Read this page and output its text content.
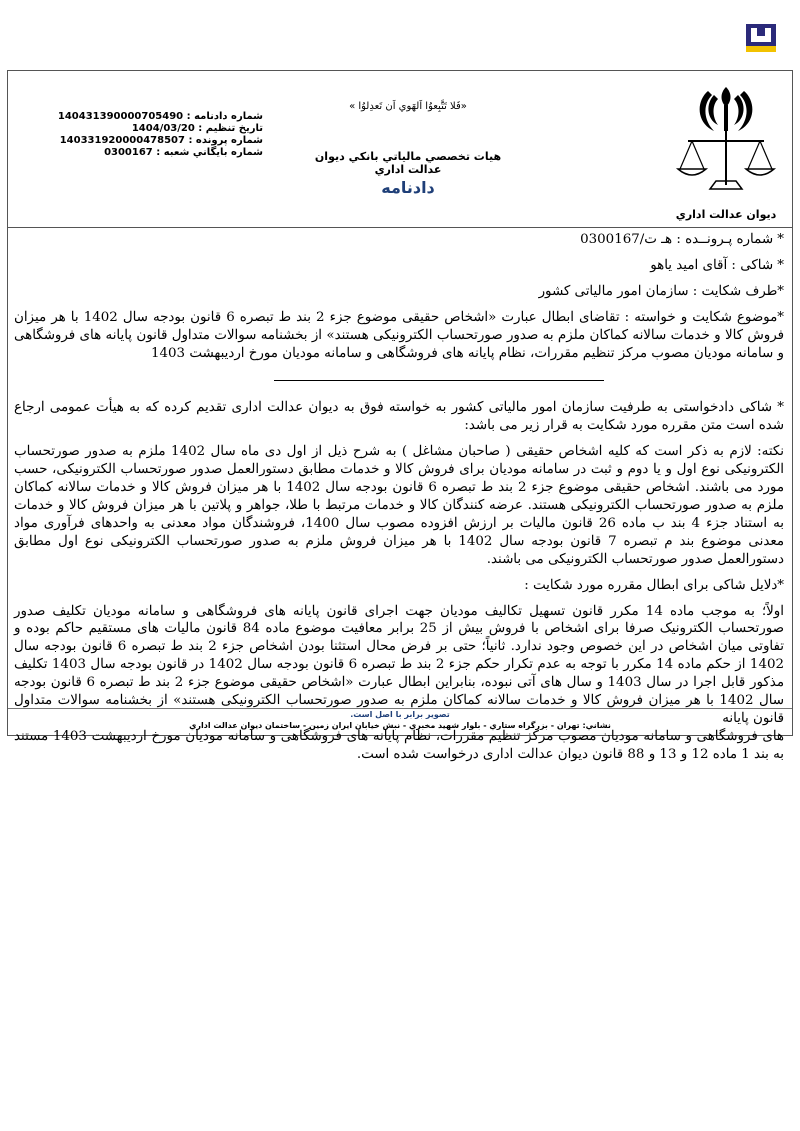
ديوان عدالت اداري
«فَلا تَتَّبِعوُا اَلهَوي اَن تَعدِلوُا »
هيات تخصصي مالياتي بانكي ديوان عدالت اداري
دادنامه
شماره دادنامه : 140431390000705490
تاريخ تنظيم : 1404/03/20
شماره پرونده : 140331920000478507
شماره بايگاني شعبه : 0300167

* شماره پـرونــده : هـ ت/0300167

* شاکی : آقای امید یاهو

*طرف شکایت : سازمان امور مالیاتی کشور

*موضوع شکایت و خواسته : تقاضای ابطال عبارت «اشخاص حقیقی موضوع جزء 2 بند ط تبصره 6 قانون بودجه سال 1402 با هر میزان فروش کالا و خدمات سالانه کماکان ملزم به صدور صورتحساب الکترونیکی هستند» از بخشنامه سوالات متداول قانون پایانه های فروشگاهی و سامانه مودیان مصوب مرکز تنظیم مقررات، نظام پایانه های فروشگاهی و سامانه مودیان مورخ اردیبهشت 1403

* شاکی دادخواستی به طرفیت سازمان امور مالیاتی کشور به خواسته فوق به دیوان عدالت اداری تقدیم کرده که به هیأت عمومی ارجاع شده است متن مقرره مورد شکایت به قرار زیر می باشد:

نکته: لازم به ذکر است که کلیه اشخاص حقیقی ( صاحبان مشاغل ) به شرح ذیل از اول دی ماه سال 1402 ملزم به صدور صورتحساب الکترونیکی نوع اول و یا دوم و ثبت در سامانه مودیان برای فروش کالا و خدمات مطابق دستورالعمل صدور صورتحساب الکترونیکی، حسب مورد می باشند. اشخاص حقیقی موضوع جزء 2 بند ط تبصره 6 قانون بودجه سال 1402 با هر میزان فروش کالا و خدمات سالانه کماکان ملزم به صدور صورتحساب الکترونیکی هستند. عرضه کنندگان کالا و خدمات مرتبط با طلا، جواهر و پلاتین با هر میزان فروش کالا و خدمات به استناد جزء 4 بند ب ماده 26 قانون مالیات بر ارزش افزوده مصوب سال 1400، فروشندگان مواد معدنی به واحدهای فرآوری مواد معدنی موضوع بند م تبصره 7 قانون بودجه سال 1402 با هر میزان فروش ملزم به صدور صورتحساب الکترونیکی نوع اول مطابق دستورالعمل صدور صورتحساب الکترونیکی می باشند.

*دلایل شاکی برای ابطال مقرره مورد شکایت :

اولاً؛ به موجب ماده 14 مکرر قانون تسهیل تکالیف مودیان جهت اجرای قانون پایانه های فروشگاهی و سامانه مودیان تکلیف صدور صورتحساب الکترونیک صرفا برای اشخاص با فروش بیش از 25 برابر معافیت موضوع ماده 84 قانون مالیات های مستقیم حاکم بوده و تفاوتی میان اشخاص در این خصوص وجود ندارد. ثانیاً؛ حتی بر فرض محال استثنا بودن اشخاص جزء 2 بند ط تبصره 6 قانون بودجه سال 1402 از حکم ماده 14 مکرر با توجه به عدم تکرار حکم جزء 2 بند ط تبصره 6 قانون بودجه سال 1402 در قانون بودجه سال 1403 تکلیف مذکور قابل اجرا در سال 1403 و سال های آتی نبوده، بنابراین ابطال عبارت «اشخاص حقیقی موضوع جزء 2 بند ط تبصره 6 قانون بودجه سال 1402 با هر میزان فروش کالا و خدمات سالانه کماکان ملزم به صدور صورتحساب الکترونیکی هستند» از بخشنامه سوالات متداول قانون پایانه

های فروشگاهی و سامانه مودیان مصوب مرکز تنظیم مقررات، نظام پایانه های فروشگاهی و سامانه مودیان مورخ اردیبهشت 1403 مستند به بند 1 ماده 12 و 13 و 88 قانون دیوان عدالت اداری درخواست شده است.

تصوير برابر با اصل است.
نشاني: تهران - بزرگراه ستاري - بلوار شهيد مخبري - نبش خيابان ايران زمين - ساختمان ديوان عدالت اداري
